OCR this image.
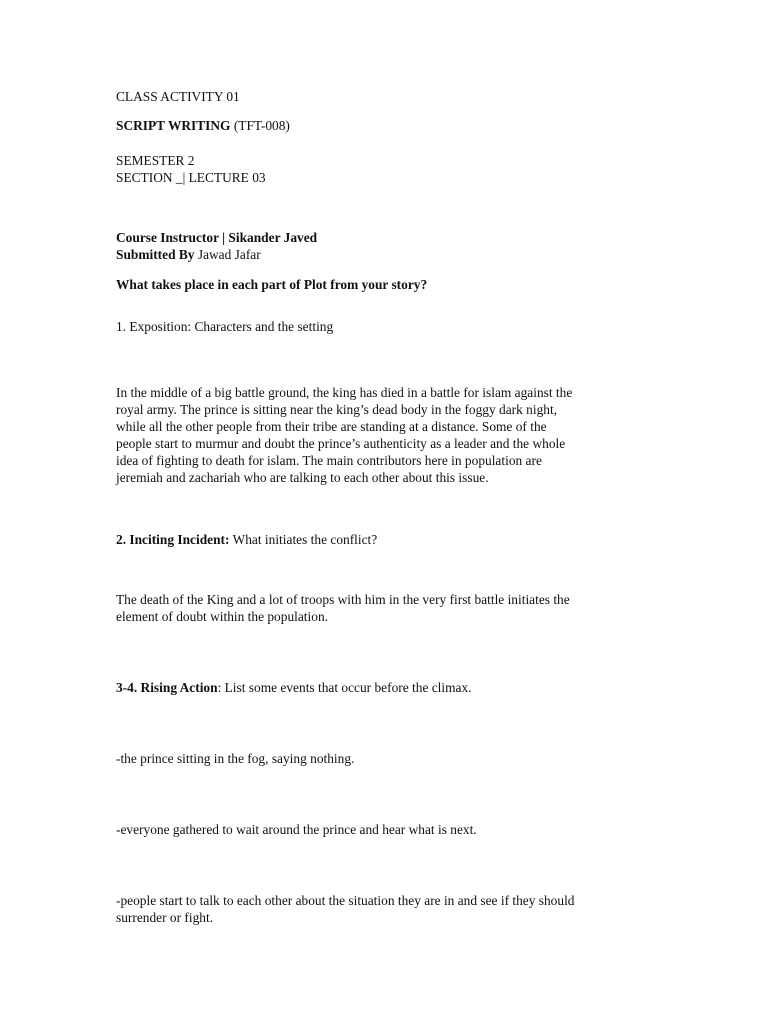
CLASS ACTIVITY 01
SCRIPT WRITING (TFT-008)
SEMESTER 2
SECTION _| LECTURE 03
Course Instructor | Sikander Javed
Submitted By Jawad Jafar
What takes place in each part of Plot from your story?
1. Exposition: Characters and the setting
In the middle of a big battle ground, the king has died in a battle for islam against the
royal army. The prince is sitting near the king’s dead body in the foggy dark night,
while all the other people from their tribe are standing at a distance. Some of the
people start to murmur and doubt the prince’s authenticity as a leader and the whole
idea of fighting to death for islam. The main contributors here in population are
jeremiah and zachariah who are talking to each other about this issue.
2. Inciting Incident: What initiates the conflict?
The death of the King and a lot of troops with him in the very first battle initiates the
element of doubt within the population.
3-4. Rising Action: List some events that occur before the climax.
-the prince sitting in the fog, saying nothing.
-everyone gathered to wait around the prince and hear what is next.
-people start to talk to each other about the situation they are in and see if they should
surrender or fight.
